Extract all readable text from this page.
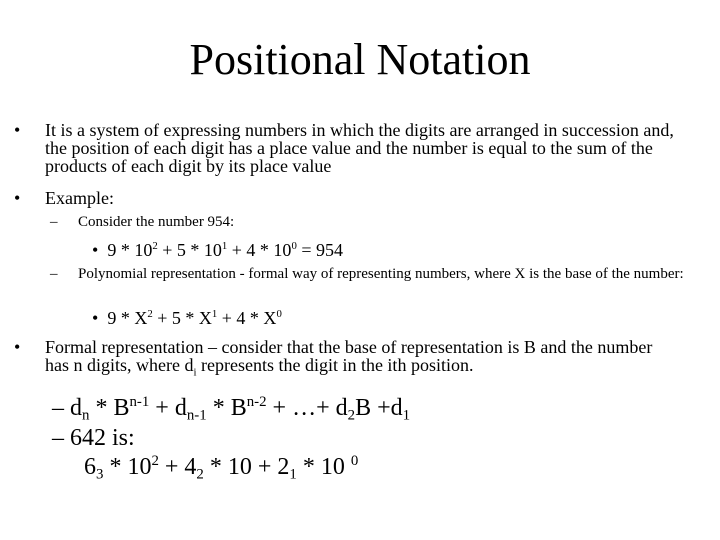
Positional Notation
• It is a system of expressing numbers in which the digits are arranged in succession and, the position of each digit has a place value and the number is equal to the sum of the products of each digit by its place value
• Example:
– Consider the number 954:
• $9 * 10^2 + 5 * 10^1 + 4 * 10^0 = 954$
– Polynomial representation - formal way of representing numbers, where X is the base of the number:
• $9 * X^2 + 5 * X^1 + 4 * X^0$
• Formal representation – consider that the base of representation is B and the number has n digits, where $d_i$ represents the digit in the ith position.
– $d_n * B^{n-1} + d_{n-1} * B^{n-2}$ + …+ $d_2B +d_1$
– 642 is:
$6_3 * 10^2 + 4_2 * 10 + 2_1 * 10$ $^0$
